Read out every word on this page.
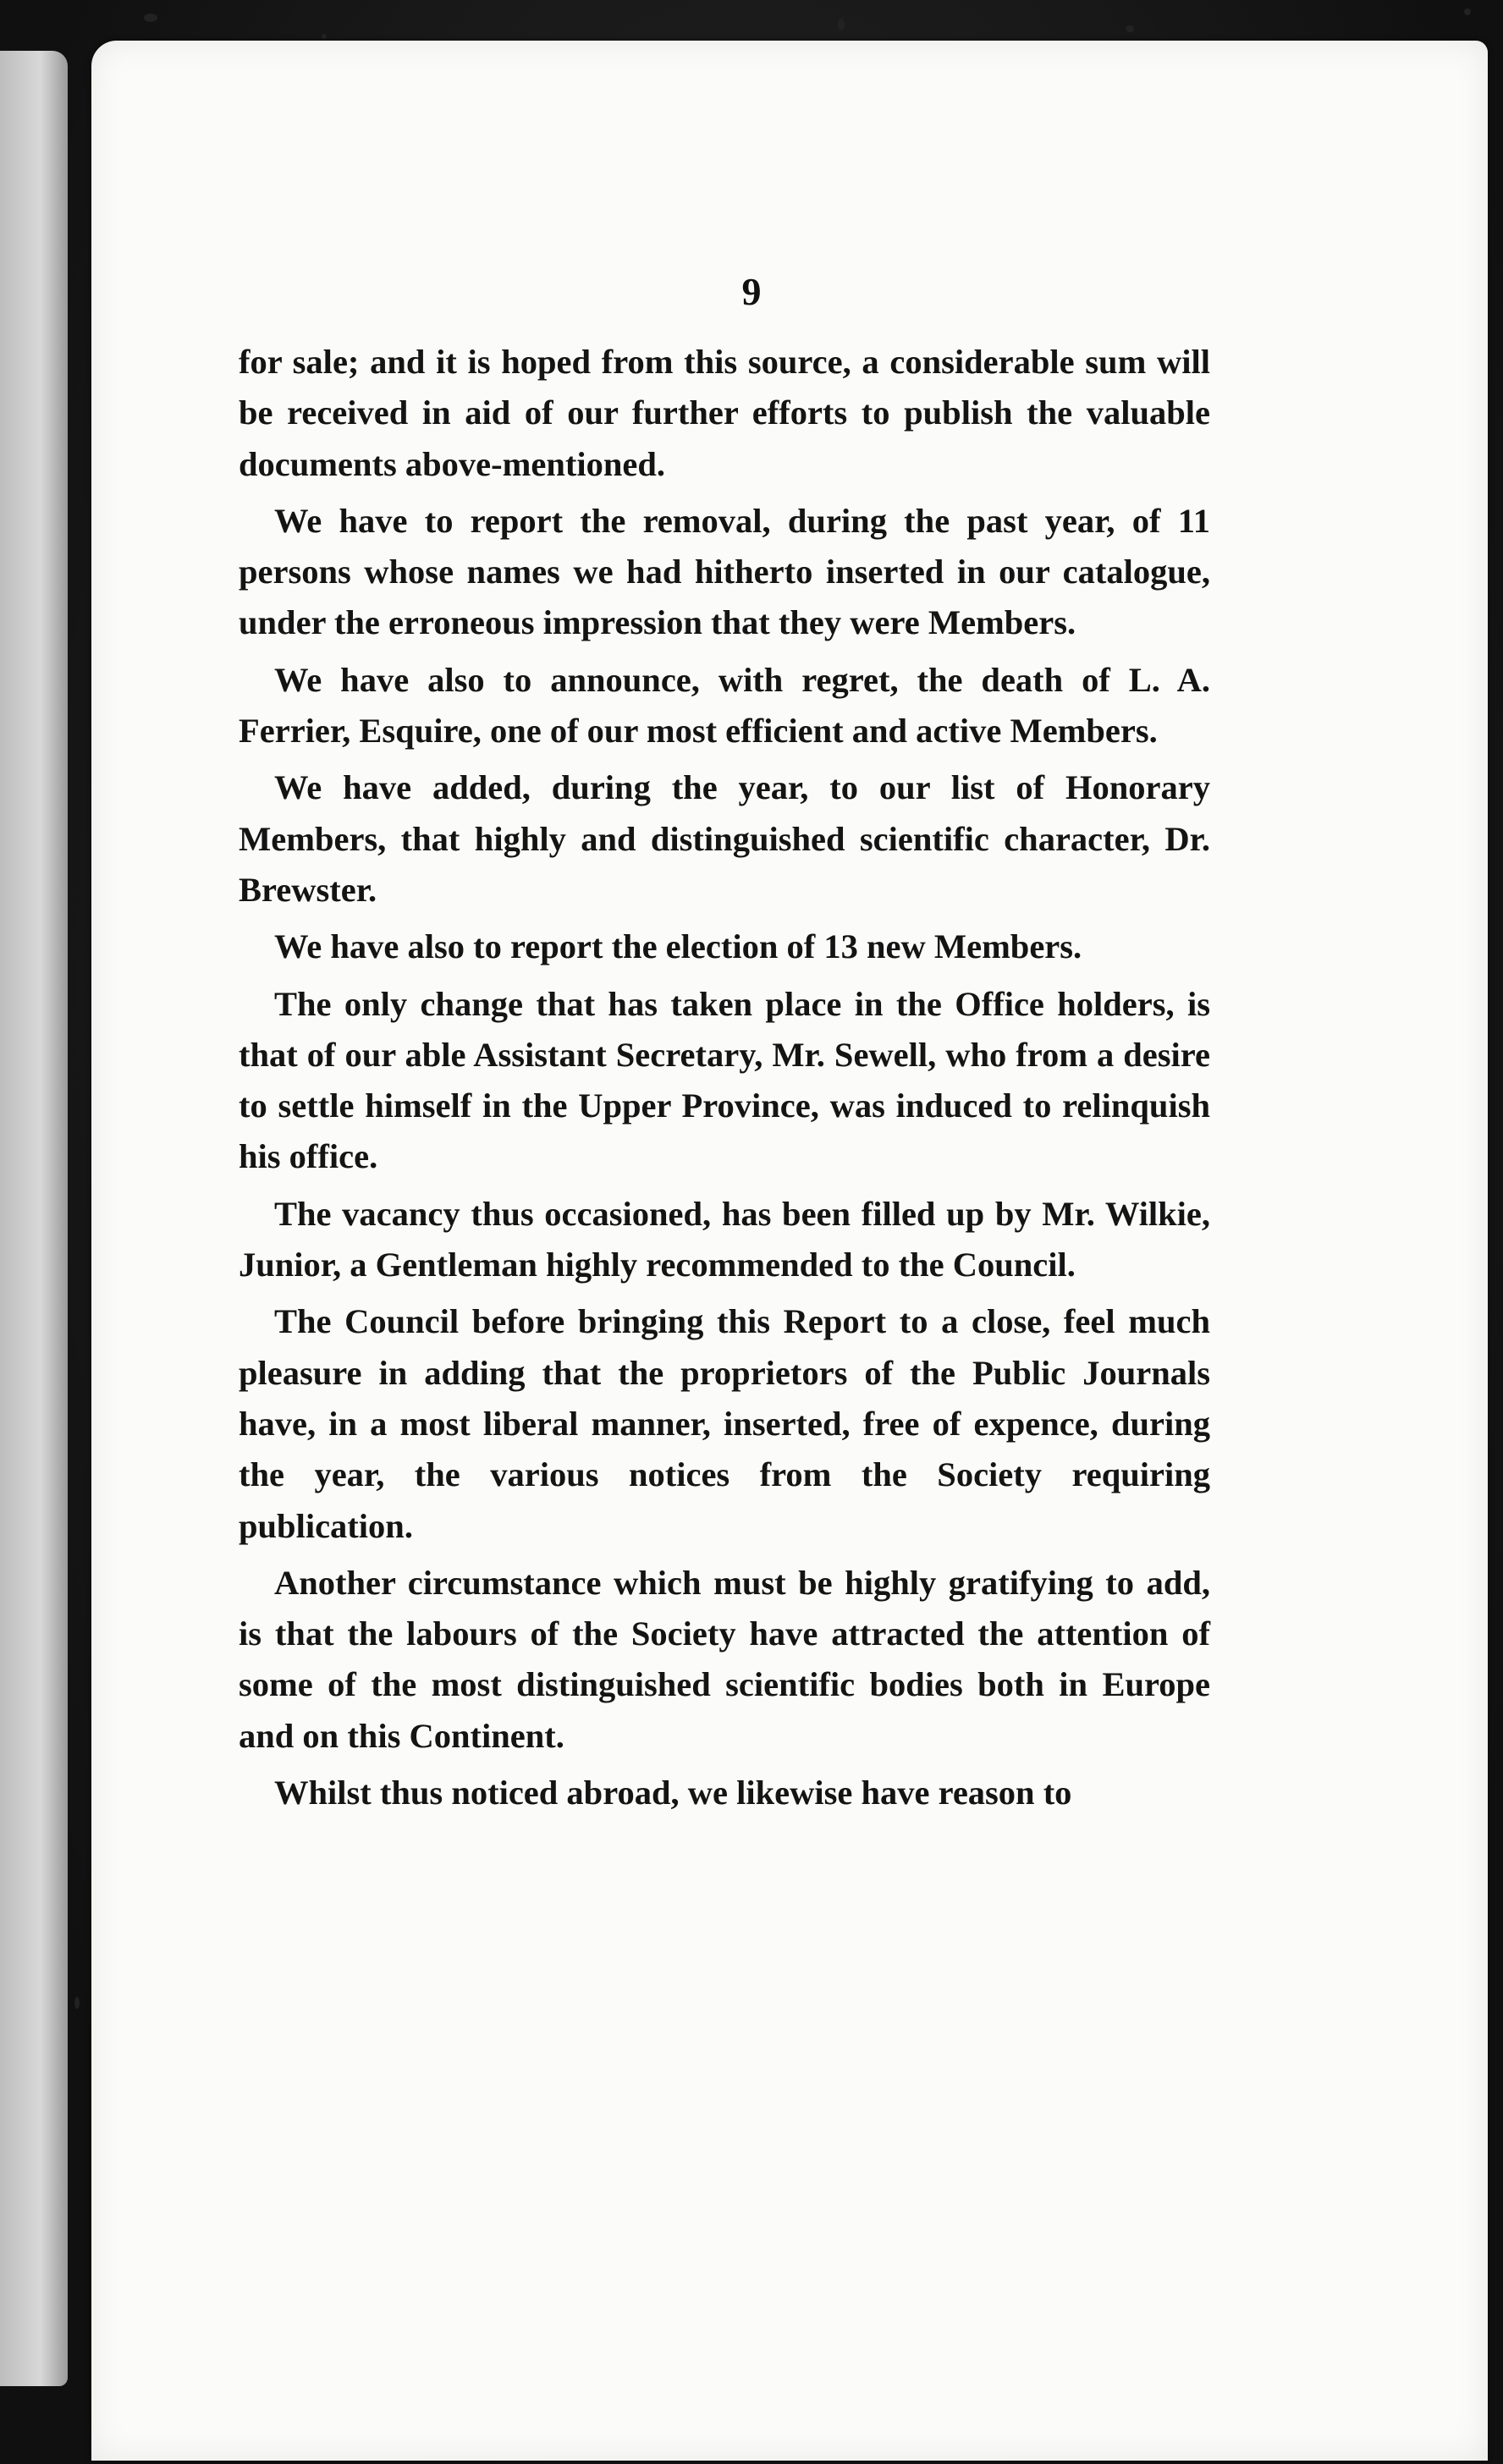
9

for sale; and it is hoped from this source, a considerable sum will be received in aid of our further efforts to publish the valuable documents above-mentioned.

We have to report the removal, during the past year, of 11 persons whose names we had hitherto inserted in our catalogue, under the erroneous impression that they were Members.

We have also to announce, with regret, the death of L. A. Ferrier, Esquire, one of our most efficient and active Members.

We have added, during the year, to our list of Honorary Members, that highly and distinguished scientific character, Dr. Brewster.

We have also to report the election of 13 new Members.

The only change that has taken place in the Office holders, is that of our able Assistant Secretary, Mr. Sewell, who from a desire to settle himself in the Upper Province, was induced to relinquish his office.

The vacancy thus occasioned, has been filled up by Mr. Wilkie, Junior, a Gentleman highly recommended to the Council.

The Council before bringing this Report to a close, feel much pleasure in adding that the proprietors of the Public Journals have, in a most liberal manner, inserted, free of expence, during the year, the various notices from the Society requiring publication.

Another circumstance which must be highly gratifying to add, is that the labours of the Society have attracted the attention of some of the most distinguished scientific bodies both in Europe and on this Continent.

Whilst thus noticed abroad, we likewise have reason to
